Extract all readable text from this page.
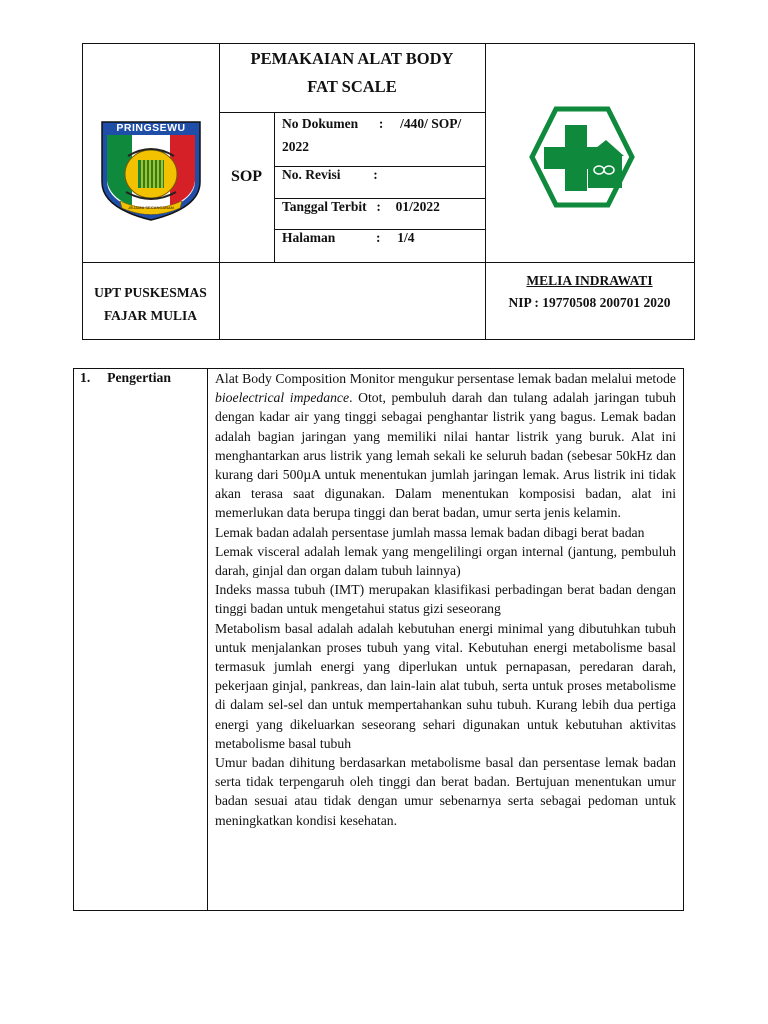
PEMAKAIAN ALAT BODY
FAT SCALE
SOP
No Dokumen : /440/ SOP/
2022
No. Revisi :
Tanggal Terbit : 01/2022
Halaman	: 1/4
PRINGSEWU
JEJAMA SECANCANAN
UPT PUSKESMAS
FAJAR MULIA
MELIA INDRAWATI
NIP : 19770508 200701 2020
1. Pengertian	Alat Body Composition Monitor mengukur persentase lemak badan melalui metode bioelectrical impedance. Otot, pembuluh darah dan tulang adalah jaringan tubuh dengan kadar air yang tinggi sebagai penghantar listrik yang bagus. Lemak badan adalah bagian jaringan yang memiliki nilai hantar listrik yang buruk. Alat ini menghantarkan arus listrik yang lemah sekali ke seluruh badan (sebesar 50kHz dan kurang dari 500µA untuk menentukan jumlah jaringan lemak. Arus listrik ini tidak akan terasa saat digunakan. Dalam menentukan komposisi badan, alat ini memerlukan data berupa tinggi dan berat badan, umur serta jenis kelamin.

Lemak badan adalah persentase jumlah massa lemak badan dibagi berat badan

Lemak visceral adalah lemak yang mengelilingi organ internal (jantung, pembuluh darah, ginjal dan organ dalam tubuh lainnya)

Indeks massa tubuh (IMT) merupakan klasifikasi perbadingan berat badan dengan tinggi badan untuk mengetahui status gizi seseorang

Metabolism basal adalah adalah kebutuhan energi minimal yang dibutuhkan tubuh untuk menjalankan proses tubuh yang vital. Kebutuhan energi metabolisme basal termasuk jumlah energi yang diperlukan untuk pernapasan, peredaran darah, pekerjaan ginjal, pankreas, dan lain-lain alat tubuh, serta untuk proses metabolisme di dalam sel-sel dan untuk mempertahankan suhu tubuh. Kurang lebih dua pertiga energi yang dikeluarkan seseorang sehari digunakan untuk kebutuhan aktivitas metabolisme basal tubuh

Umur badan dihitung berdasarkan metabolisme basal dan persentase lemak badan serta tidak terpengaruh oleh tinggi dan berat badan. Bertujuan menentukan umur badan sesuai atau tidak dengan umur sebenarnya serta sebagai pedoman untuk meningkatkan kondisi kesehatan.
